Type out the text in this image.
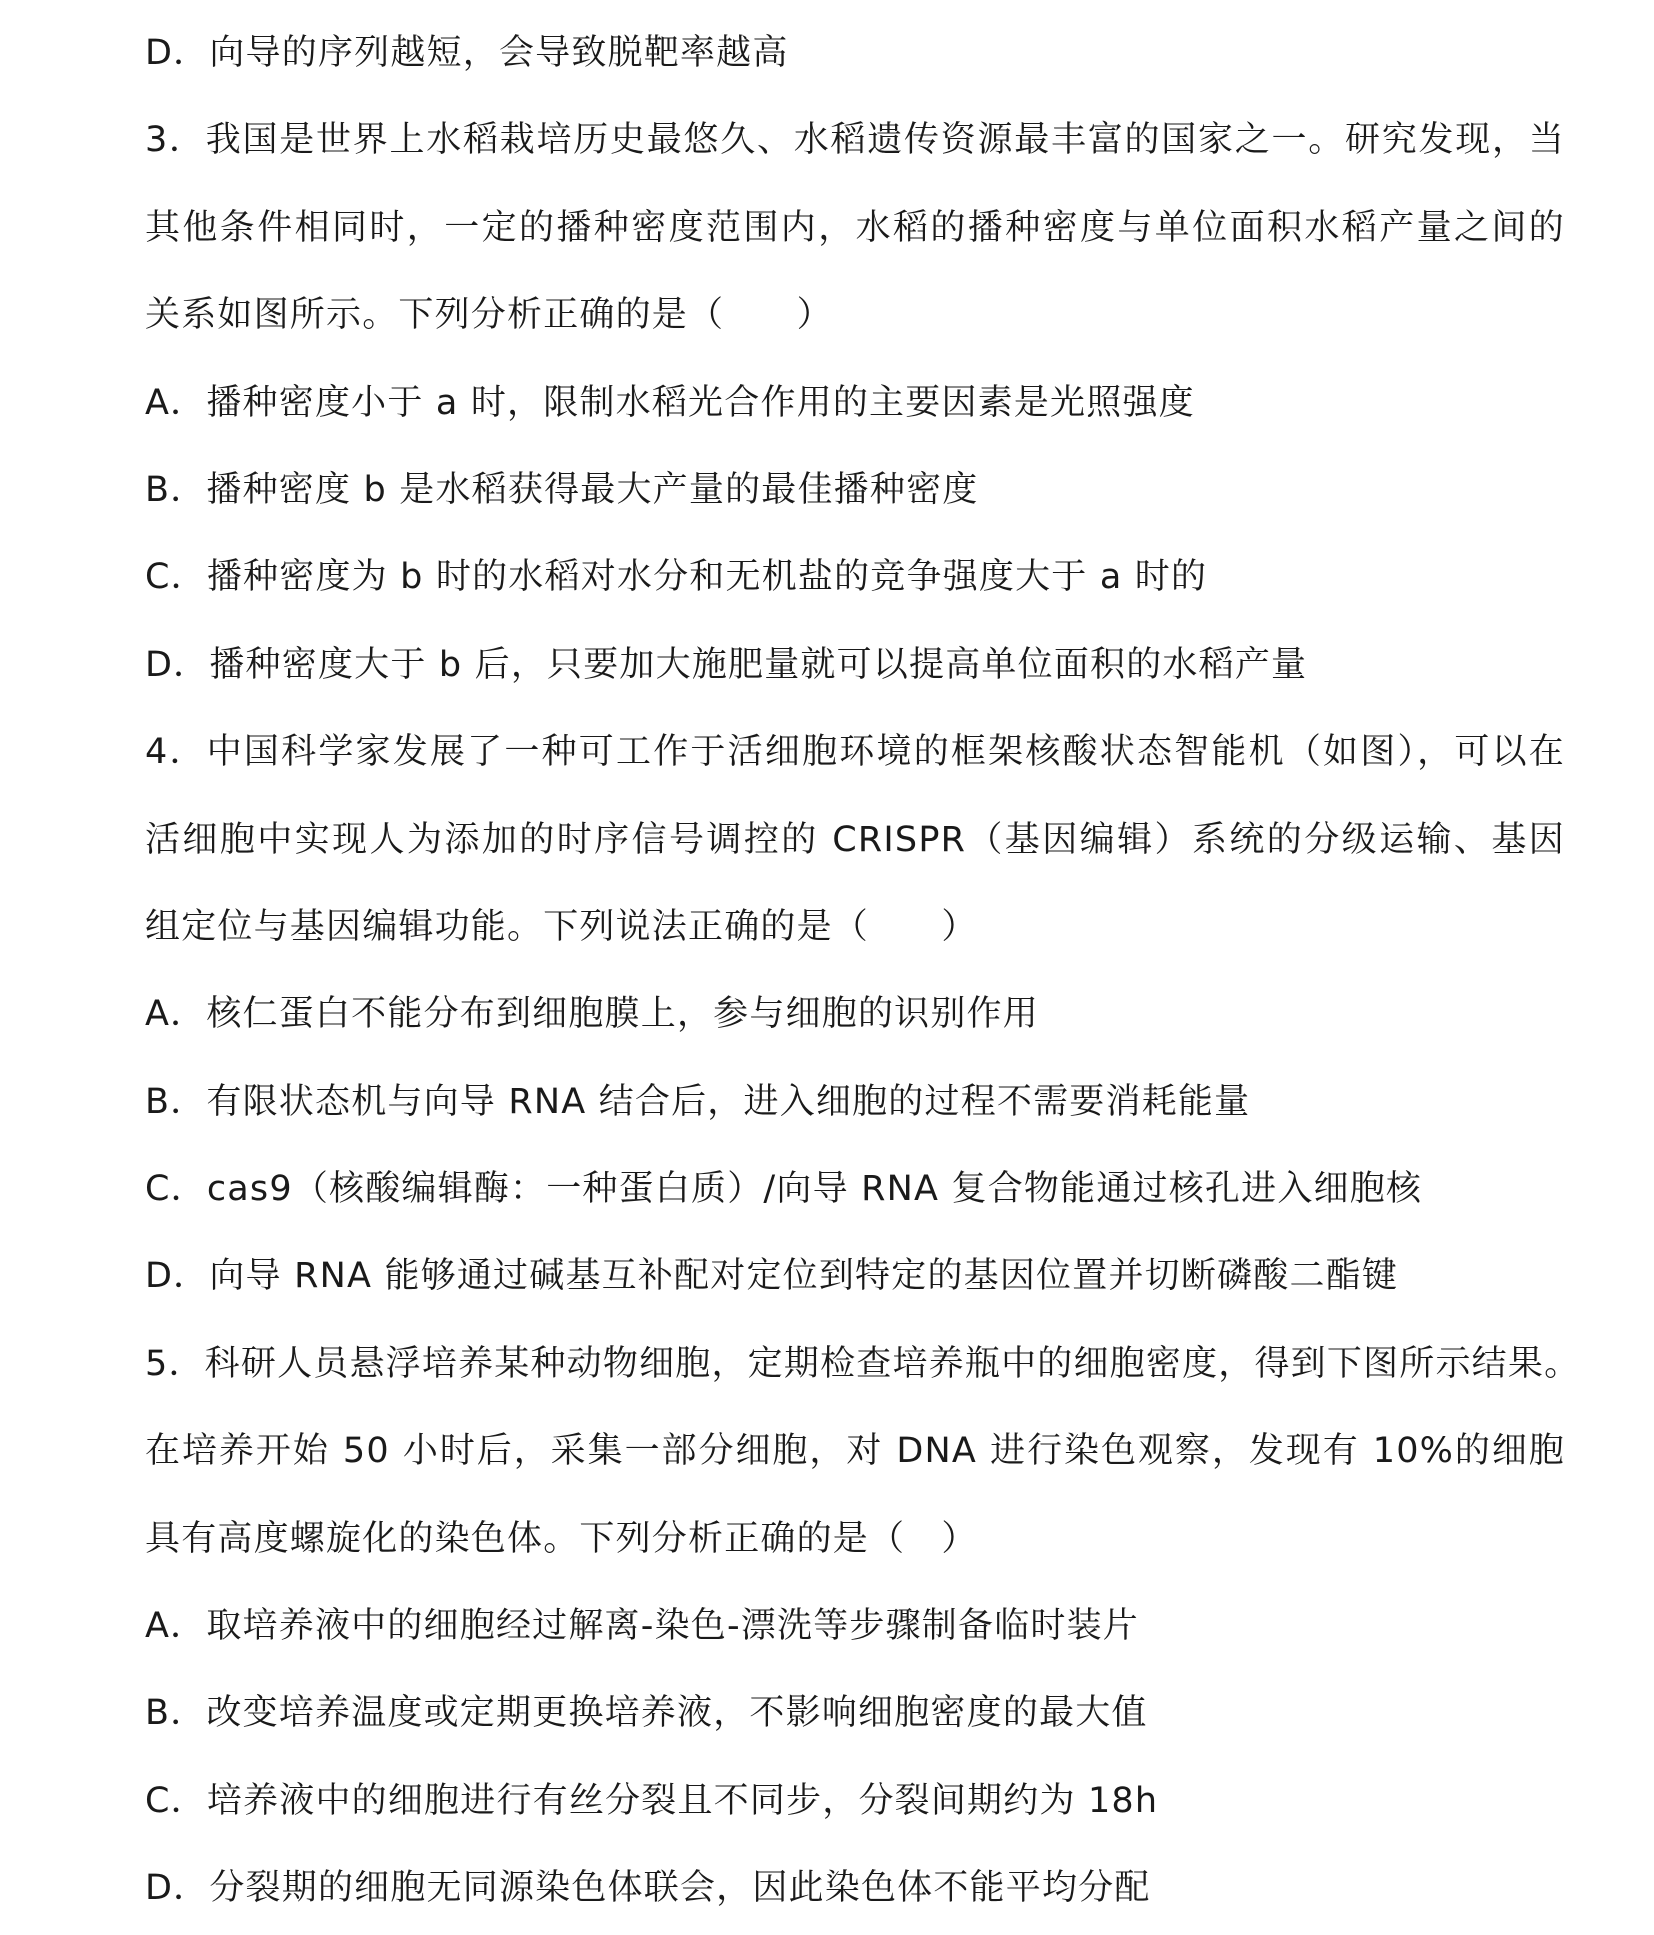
D．向导的序列越短，会导致脱靶率越高
3．我国是世界上水稻栽培历史最悠久、水稻遗传资源最丰富的国家之一。研究发现，当
其他条件相同时，一定的播种密度范围内，水稻的播种密度与单位面积水稻产量之间的
关系如图所示。下列分析正确的是（　　）
A．播种密度小于 a 时，限制水稻光合作用的主要因素是光照强度
B．播种密度 b 是水稻获得最大产量的最佳播种密度
C．播种密度为 b 时的水稻对水分和无机盐的竞争强度大于 a 时的
D．播种密度大于 b 后，只要加大施肥量就可以提高单位面积的水稻产量
4．中国科学家发展了一种可工作于活细胞环境的框架核酸状态智能机（如图），可以在
活细胞中实现人为添加的时序信号调控的 CRISPR（基因编辑）系统的分级运输、基因
组定位与基因编辑功能。下列说法正确的是（　　）
A．核仁蛋白不能分布到细胞膜上，参与细胞的识别作用
B．有限状态机与向导 RNA 结合后，进入细胞的过程不需要消耗能量
C．cas9（核酸编辑酶：一种蛋白质）/向导 RNA 复合物能通过核孔进入细胞核
D．向导 RNA 能够通过碱基互补配对定位到特定的基因位置并切断磷酸二酯键
5．科研人员悬浮培养某种动物细胞，定期检查培养瓶中的细胞密度，得到下图所示结果。
在培养开始 50 小时后，采集一部分细胞，对 DNA 进行染色观察，发现有 10%的细胞
具有高度螺旋化的染色体。下列分析正确的是（　）
A．取培养液中的细胞经过解离-染色-漂洗等步骤制备临时装片
B．改变培养温度或定期更换培养液，不影响细胞密度的最大值
C．培养液中的细胞进行有丝分裂且不同步，分裂间期约为 18h
D．分裂期的细胞无同源染色体联会，因此染色体不能平均分配
